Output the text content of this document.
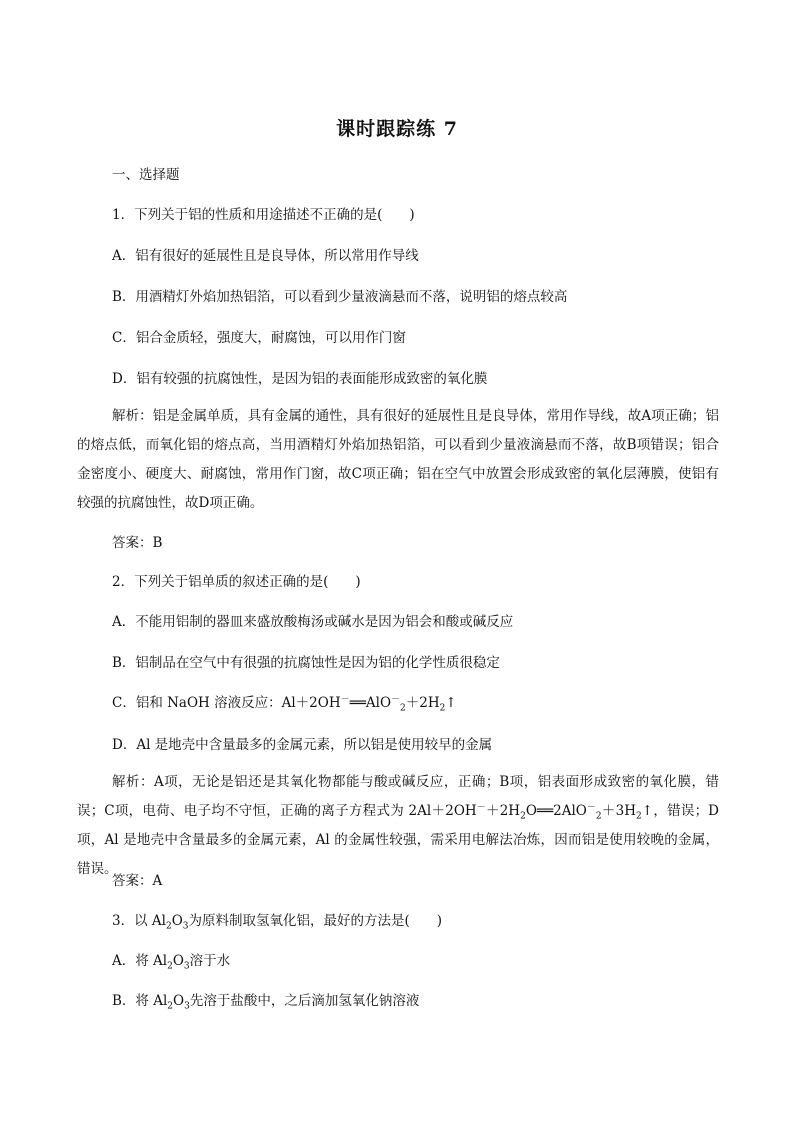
课时跟踪练 7
一、选择题
1．下列关于铝的性质和用途描述不正确的是(　　)
A．铝有很好的延展性且是良导体，所以常用作导线
B．用酒精灯外焰加热铝箔，可以看到少量液滴悬而不落，说明铝的熔点较高
C．铝合金质轻，强度大，耐腐蚀，可以用作门窗
D．铝有较强的抗腐蚀性，是因为铝的表面能形成致密的氧化膜
解析：铝是金属单质，具有金属的通性，具有很好的延展性且是良导体，常用作导线，故A项正确；铝的熔点低，而氧化铝的熔点高，当用酒精灯外焰加热铝箔，可以看到少量液滴悬而不落，故B项错误；铝合金密度小、硬度大、耐腐蚀，常用作门窗，故C项正确；铝在空气中放置会形成致密的氧化层薄膜，使铝有较强的抗腐蚀性，故D项正确。
答案：B
2．下列关于铝单质的叙述正确的是(　　)
A．不能用铝制的器皿来盛放酸梅汤或碱水是因为铝会和酸或碱反应
B．铝制品在空气中有很强的抗腐蚀性是因为铝的化学性质很稳定
C．铝和 NaOH 溶液反应：$Al+2OH^-══AlO^-_2+2H_2↑$
D．Al 是地壳中含量最多的金属元素，所以铝是使用较早的金属
解析：A项，无论是铝还是其氧化物都能与酸或碱反应，正确；B项，铝表面形成致密的氧化膜，错误；C项，电荷、电子均不守恒，正确的离子方程式为 $2Al+2OH^-+2H_2O══2AlO^-_2+3H_2↑$，错误；D项，Al 是地壳中含量最多的金属元素，Al 的金属性较强，需采用电解法冶炼，因而铝是使用较晚的金属，错误。
答案：A
3．以 $Al_2O_3$为原料制取氢氧化铝，最好的方法是(　　)
A．将 $Al_2O_3$溶于水
B．将 $Al_2O_3$先溶于盐酸中，之后滴加氢氧化钠溶液
